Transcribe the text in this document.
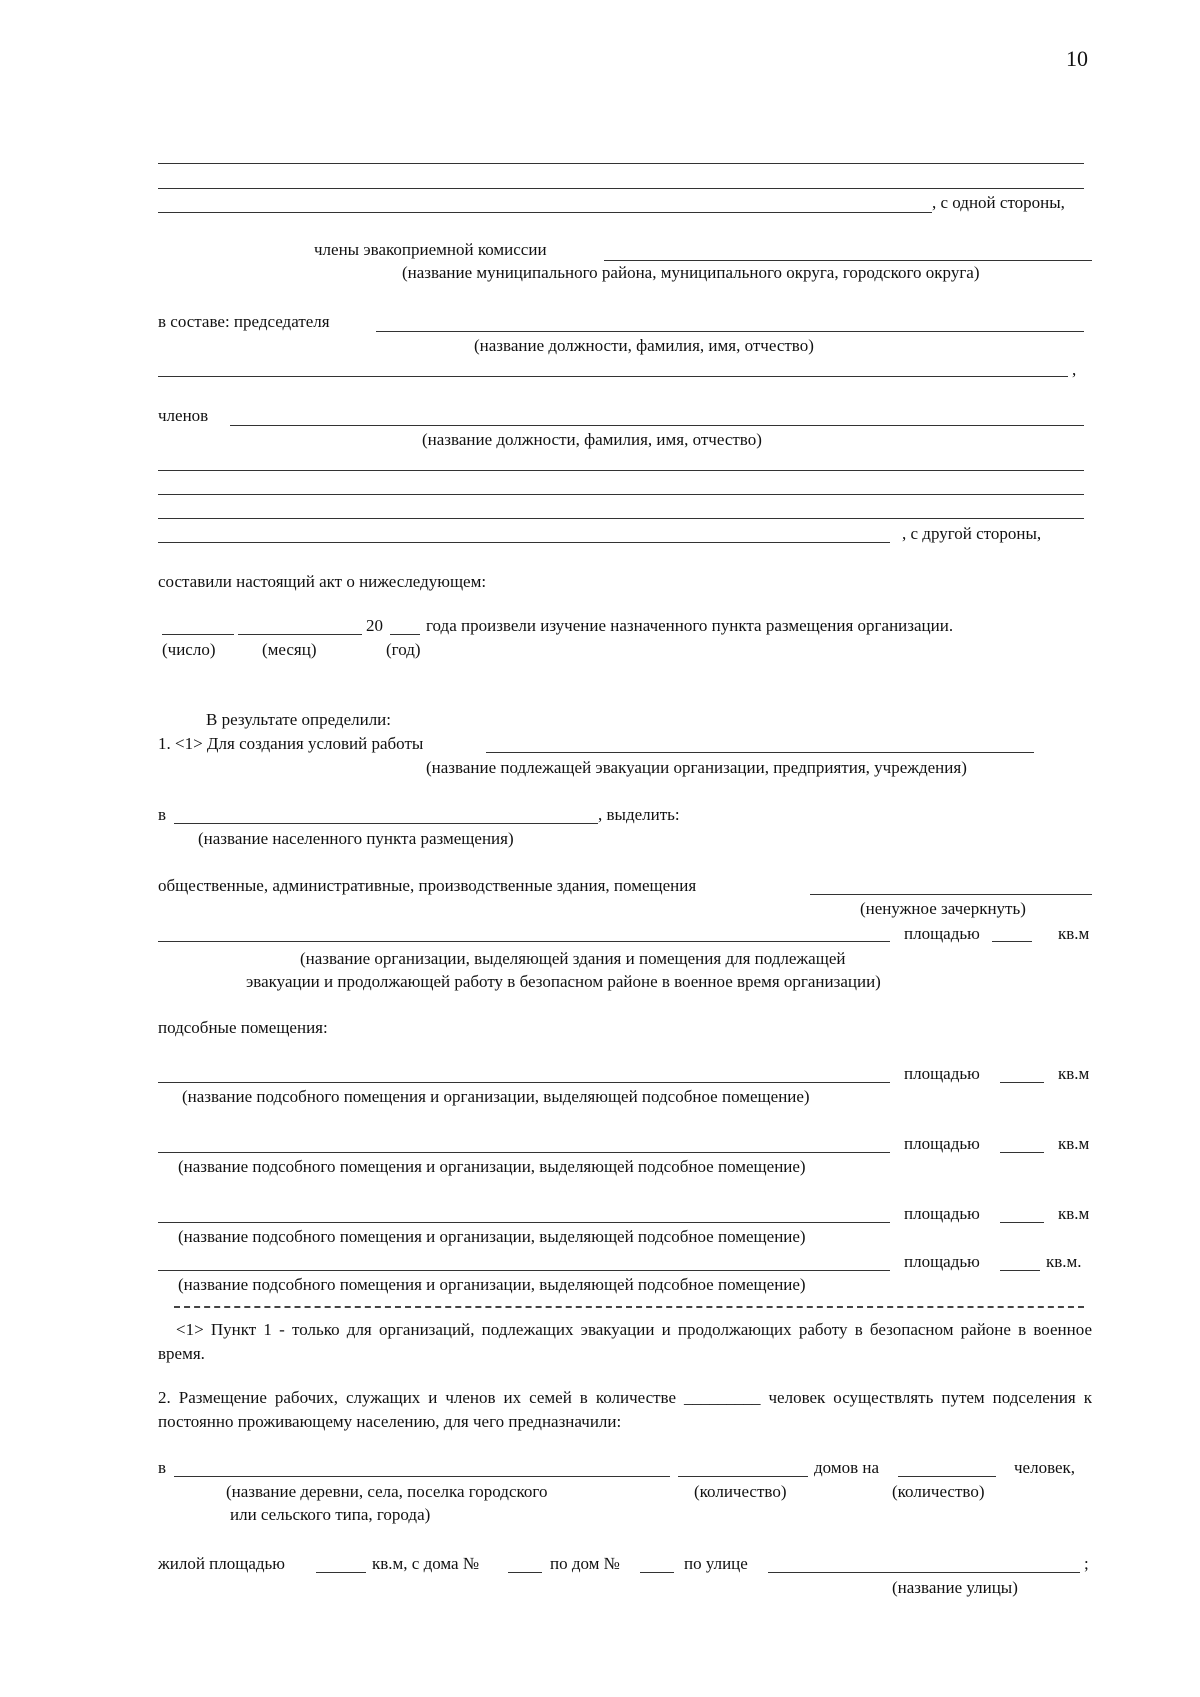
10
, с одной стороны,
члены эвакоприемной комиссии
(название муниципального района, муниципального округа, городского округа)
в составе: председателя
(название должности, фамилия, имя, отчество)
,
членов
(название должности, фамилия, имя, отчество)
, с другой стороны,
составили настоящий акт о нижеследующем:
20	года произвели изучение назначенного пункта размещения организации.
(число)	(месяц)	(год)
В результате определили:
1. <1> Для создания условий работы
(название подлежащей эвакуации организации, предприятия, учреждения)
в	, выделить:
(название населенного пункта размещения)
общественные, административные, производственные здания, помещения
(ненужное зачеркнуть)
площадью	кв.м
(название организации, выделяющей здания и помещения для подлежащей
эвакуации и продолжающей работу в безопасном районе в военное время организации)
подсобные помещения:
площадью	кв.м
(название подсобного помещения и организации, выделяющей подсобное помещение)
площадью	кв.м
(название подсобного помещения и организации, выделяющей подсобное помещение)
площадью	кв.м
(название подсобного помещения и организации, выделяющей подсобное помещение)
площадью	кв.м.
(название подсобного помещения и организации, выделяющей подсобное помещение)
<1> Пункт 1 - только для организаций, подлежащих эвакуации и продолжающих работу в безопасном районе в военное время.
2. Размещение рабочих, служащих и членов их семей в количестве _________ человек осуществлять путем подселения к постоянно проживающему населению, для чего предназначили:
в	домов на	человек,
(название деревни, села, поселка городского
или сельского типа, города)
(количество)	(количество)
жилой площадью	кв.м, с дома №	по дом №	по улице	;
(название улицы)
